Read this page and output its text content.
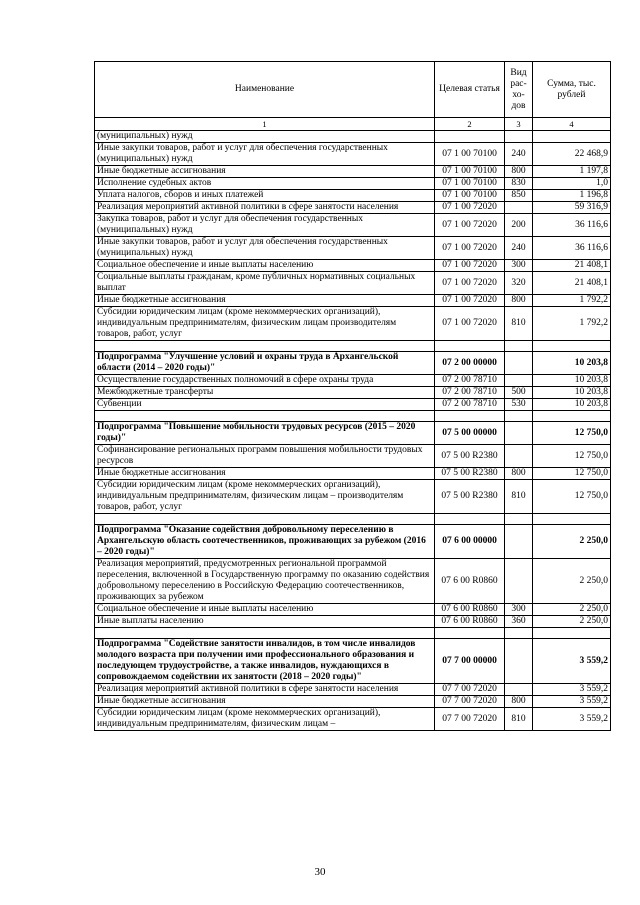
Наименование	Целевая статья	Вид рас-хо-дов	Сумма, тыс. рублей
1	2	3	4
(муниципальных) нужд			
Иные закупки товаров, работ и услуг для обеспечения государственных (муниципальных) нужд	07 1 00 70100	240	22 468,9
Иные бюджетные ассигнования	07 1 00 70100	800	1 197,8
Исполнение судебных актов	07 1 00 70100	830	1,0
Уплата налогов, сборов и иных платежей	07 1 00 70100	850	1 196,8
Реализация мероприятий активной политики в сфере занятости населения	07 1 00 72020		59 316,9
Закупка товаров, работ и услуг для обеспечения государственных (муниципальных) нужд	07 1 00 72020	200	36 116,6
Иные закупки товаров, работ и услуг для обеспечения государственных (муниципальных) нужд	07 1 00 72020	240	36 116,6
Социальное обеспечение и иные выплаты населению	07 1 00 72020	300	21 408,1
Социальные выплаты гражданам, кроме публичных нормативных социальных выплат	07 1 00 72020	320	21 408,1
Иные бюджетные ассигнования	07 1 00 72020	800	1 792,2
Субсидии юридическим лицам (кроме некоммерческих организаций), индивидуальным предпринимателям, физическим лицам производителям товаров, работ, услуг	07 1 00 72020	810	1 792,2

Подпрограмма "Улучшение условий и охраны труда в Архангельской области (2014 – 2020 годы)"	07 2 00 00000		10 203,8
Осуществление государственных полномочий в сфере охраны труда	07 2 00 78710		10 203,8
Межбюджетные трансферты	07 2 00 78710	500	10 203,8
Субвенции	07 2 00 78710	530	10 203,8

Подпрограмма "Повышение мобильности трудовых ресурсов (2015 – 2020 годы)"	07 5 00 00000		12 750,0
Софинансирование региональных программ повышения мобильности трудовых ресурсов	07 5 00 R2380		12 750,0
Иные бюджетные ассигнования	07 5 00 R2380	800	12 750,0
Субсидии юридическим лицам (кроме некоммерческих организаций), индивидуальным предпринимателям, физическим лицам – производителям товаров, работ, услуг	07 5 00 R2380	810	12 750,0

Подпрограмма "Оказание содействия добровольному переселению в Архангельскую область соотечественников, проживающих за рубежом (2016 – 2020 годы)"	07 6 00 00000		2 250,0
Реализация мероприятий, предусмотренных региональной программой переселения, включенной в Государственную программу по оказанию содействия добровольному переселению в Российскую Федерацию соотечественников, проживающих за рубежом	07 6 00 R0860		2 250,0
Социальное обеспечение и иные выплаты населению	07 6 00 R0860	300	2 250,0
Иные выплаты населению	07 6 00 R0860	360	2 250,0

Подпрограмма "Содействие занятости инвалидов, в том числе инвалидов молодого возраста при получении ими профессионального образования и последующем трудоустройстве, а также инвалидов, нуждающихся в сопровождаемом содействии их занятости (2018 – 2020 годы)"	07 7 00 00000		3 559,2
Реализация мероприятий активной политики в сфере занятости населения	07 7 00 72020		3 559,2
Иные бюджетные ассигнования	07 7 00 72020	800	3 559,2
Субсидии юридическим лицам (кроме некоммерческих организаций), индивидуальным предпринимателям, физическим лицам –	07 7 00 72020	810	3 559,2
30
